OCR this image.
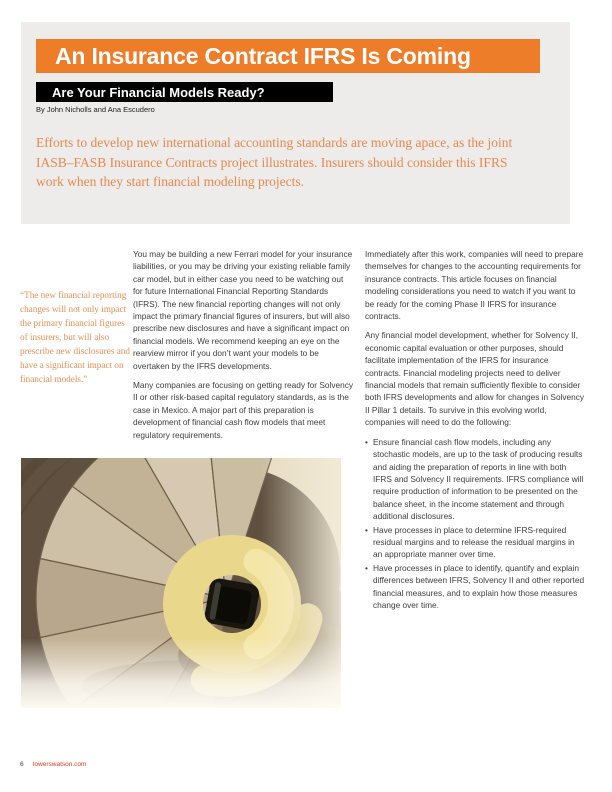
An Insurance Contract IFRS Is Coming
Are Your Financial Models Ready?
By John Nicholls and Ana Escudero
Efforts to develop new international accounting standards are moving apace, as the joint IASB–FASB Insurance Contracts project illustrates. Insurers should consider this IFRS work when they start financial modeling projects.
“The new financial reporting changes will not only impact the primary financial figures of insurers, but will also prescribe new disclosures and have a significant impact on financial models.”

You may be building a new Ferrari model for your insurance liabilities, or you may be driving your existing reliable family car model, but in either case you need to be watching out for future International Financial Reporting Standards (IFRS). The new financial reporting changes will not only impact the primary financial figures of insurers, but will also prescribe new disclosures and have a significant impact on financial models. We recommend keeping an eye on the rearview mirror if you don’t want your models to be overtaken by the IFRS developments.

Many companies are focusing on getting ready for Solvency II or other risk-based capital regulatory standards, as is the case in Mexico. A major part of this preparation is development of financial cash flow models that meet regulatory requirements.

Immediately after this work, companies will need to prepare themselves for changes to the accounting requirements for insurance contracts. This article focuses on financial modeling considerations you need to watch if you want to be ready for the coming Phase II IFRS for insurance contracts.

Any financial model development, whether for Solvency II, economic capital evaluation or other purposes, should facilitate implementation of the IFRS for insurance contracts. Financial modeling projects need to deliver financial models that remain sufficiently flexible to consider both IFRS developments and allow for changes in Solvency II Pillar 1 details. To survive in this evolving world, companies will need to do the following:

• Ensure financial cash flow models, including any stochastic models, are up to the task of producing results and aiding the preparation of reports in line with both IFRS and Solvency II requirements. IFRS compliance will require production of information to be presented on the balance sheet, in the income statement and through additional disclosures.
• Have processes in place to determine IFRS-required residual margins and to release the residual margins in an appropriate manner over time.
• Have processes in place to identify, quantify and explain differences between IFRS, Solvency II and other reported financial measures, and to explain how those measures change over time.
6 towerswatson.com
